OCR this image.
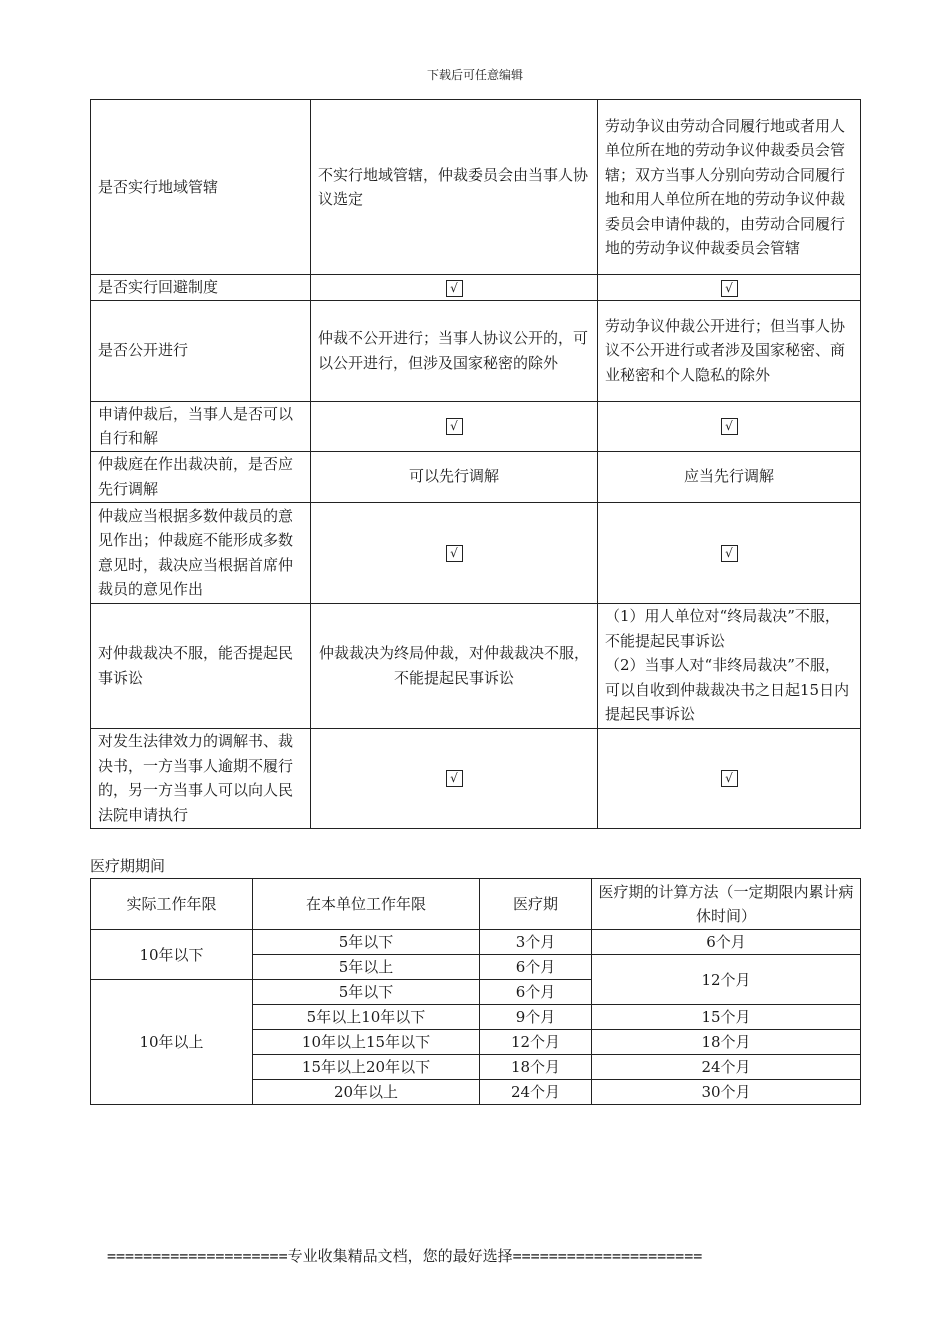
下载后可任意编辑
是否实行地域管辖	不实行地域管辖，仲裁委员会由当事人协议选定	劳动争议由劳动合同履行地或者用人单位所在地的劳动争议仲裁委员会管辖；双方当事人分别向劳动合同履行地和用人单位所在地的劳动争议仲裁委员会申请仲裁的，由劳动合同履行地的劳动争议仲裁委员会管辖
是否实行回避制度	√	√
是否公开进行	仲裁不公开进行；当事人协议公开的，可以公开进行，但涉及国家秘密的除外	劳动争议仲裁公开进行；但当事人协议不公开进行或者涉及国家秘密、商业秘密和个人隐私的除外
申请仲裁后，当事人是否可以自行和解	√	√
仲裁庭在作出裁决前，是否应先行调解	可以先行调解	应当先行调解
仲裁应当根据多数仲裁员的意见作出；仲裁庭不能形成多数意见时，裁决应当根据首席仲裁员的意见作出	√	√
对仲裁裁决不服，能否提起民事诉讼	仲裁裁决为终局仲裁，对仲裁裁决不服，不能提起民事诉讼	（1）用人单位对“终局裁决”不服，不能提起民事诉讼
（2）当事人对“非终局裁决”不服，可以自收到仲裁裁决书之日起15日内提起民事诉讼

对发生法律效力的调解书、裁决书，一方当事人逾期不履行的，另一方当事人可以向人民法院申请执行	√	√
医疗期期间
实际工作年限	在本单位工作年限	医疗期	医疗期的计算方法（一定期限内累计病休时间）
10年以下	5年以下	3个月	6个月
	5年以上	6个月	12个月
10年以上	5年以下	6个月	
	5年以上10年以下	9个月	15个月
	10年以上15年以下	12个月	18个月
	15年以上20年以下	18个月	24个月
	20年以上	24个月	30个月
====================专业收集精品文档，您的最好选择=====================
